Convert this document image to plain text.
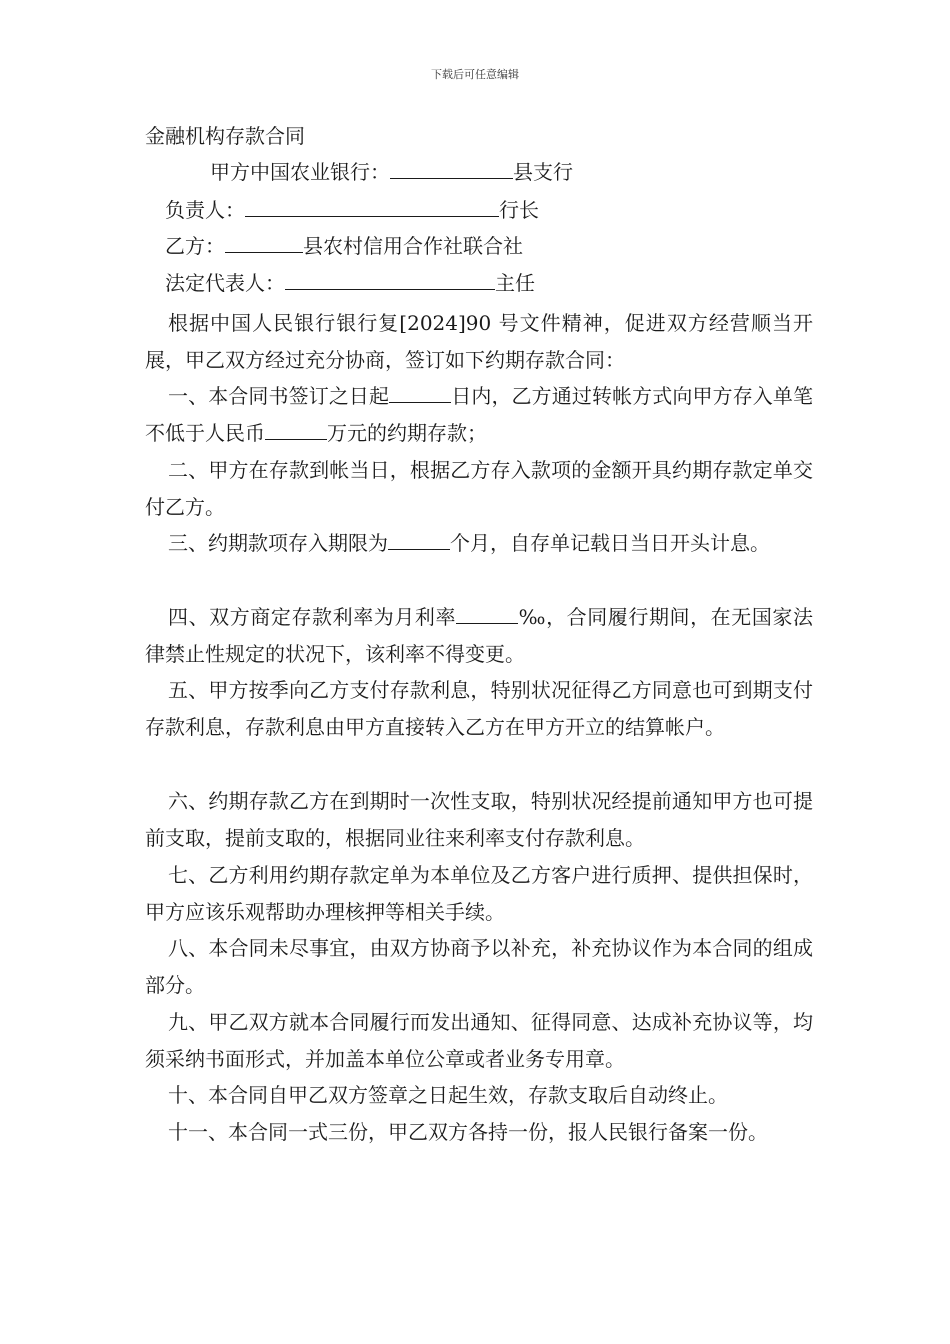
下载后可任意编辑
金融机构存款合同
甲方中国农业银行：	县支行
负责人：	行长
乙方：	县农村信用合作社联合社
法定代表人：	主任
根据中国人民银行银行复[2024]90 号文件精神，促进双方经营顺当开展，甲乙双方经过充分协商，签订如下约期存款合同：
一、本合同书签订之日起	日内，乙方通过转帐方式向甲方存入单笔不低于人民币	万元的约期存款；
二、甲方在存款到帐当日，根据乙方存入款项的金额开具约期存款定单交付乙方。
三、约期款项存入期限为	个月，自存单记载日当日开头计息。
四、双方商定存款利率为月利率	‰，合同履行期间，在无国家法律禁止性规定的状况下，该利率不得变更。
五、甲方按季向乙方支付存款利息，特别状况征得乙方同意也可到期支付存款利息，存款利息由甲方直接转入乙方在甲方开立的结算帐户。
六、约期存款乙方在到期时一次性支取，特别状况经提前通知甲方也可提前支取，提前支取的，根据同业往来利率支付存款利息。
七、乙方利用约期存款定单为本单位及乙方客户进行质押、提供担保时，甲方应该乐观帮助办理核押等相关手续。
八、本合同未尽事宜，由双方协商予以补充，补充协议作为本合同的组成部分。
九、甲乙双方就本合同履行而发出通知、征得同意、达成补充协议等，均须采纳书面形式，并加盖本单位公章或者业务专用章。
十、本合同自甲乙双方签章之日起生效，存款支取后自动终止。
十一、本合同一式三份，甲乙双方各持一份，报人民银行备案一份。
